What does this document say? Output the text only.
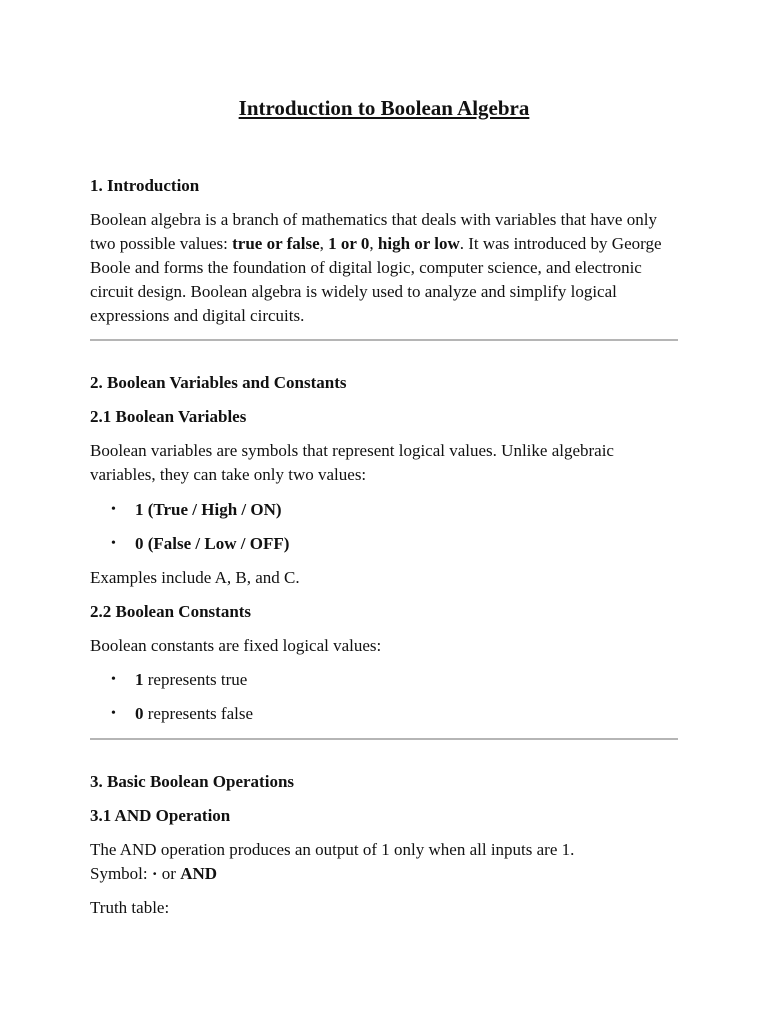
Introduction to Boolean Algebra
1. Introduction

Boolean algebra is a branch of mathematics that deals with variables that have only two possible values: true or false, 1 or 0, high or low. It was introduced by George Boole and forms the foundation of digital logic, computer science, and electronic circuit design. Boolean algebra is widely used to analyze and simplify logical expressions and digital circuits.

2. Boolean Variables and Constants
2.1 Boolean Variables

Boolean variables are symbols that represent logical values. Unlike algebraic variables, they can take only two values:

• 1 (True / High / ON)
• 0 (False / Low / OFF)

Examples include A, B, and C.

2.2 Boolean Constants

Boolean constants are fixed logical values:

• 1 represents true
• 0 represents false
3. Basic Boolean Operations
3.1 AND Operation

The AND operation produces an output of 1 only when all inputs are 1.
Symbol: · or AND

Truth table:
